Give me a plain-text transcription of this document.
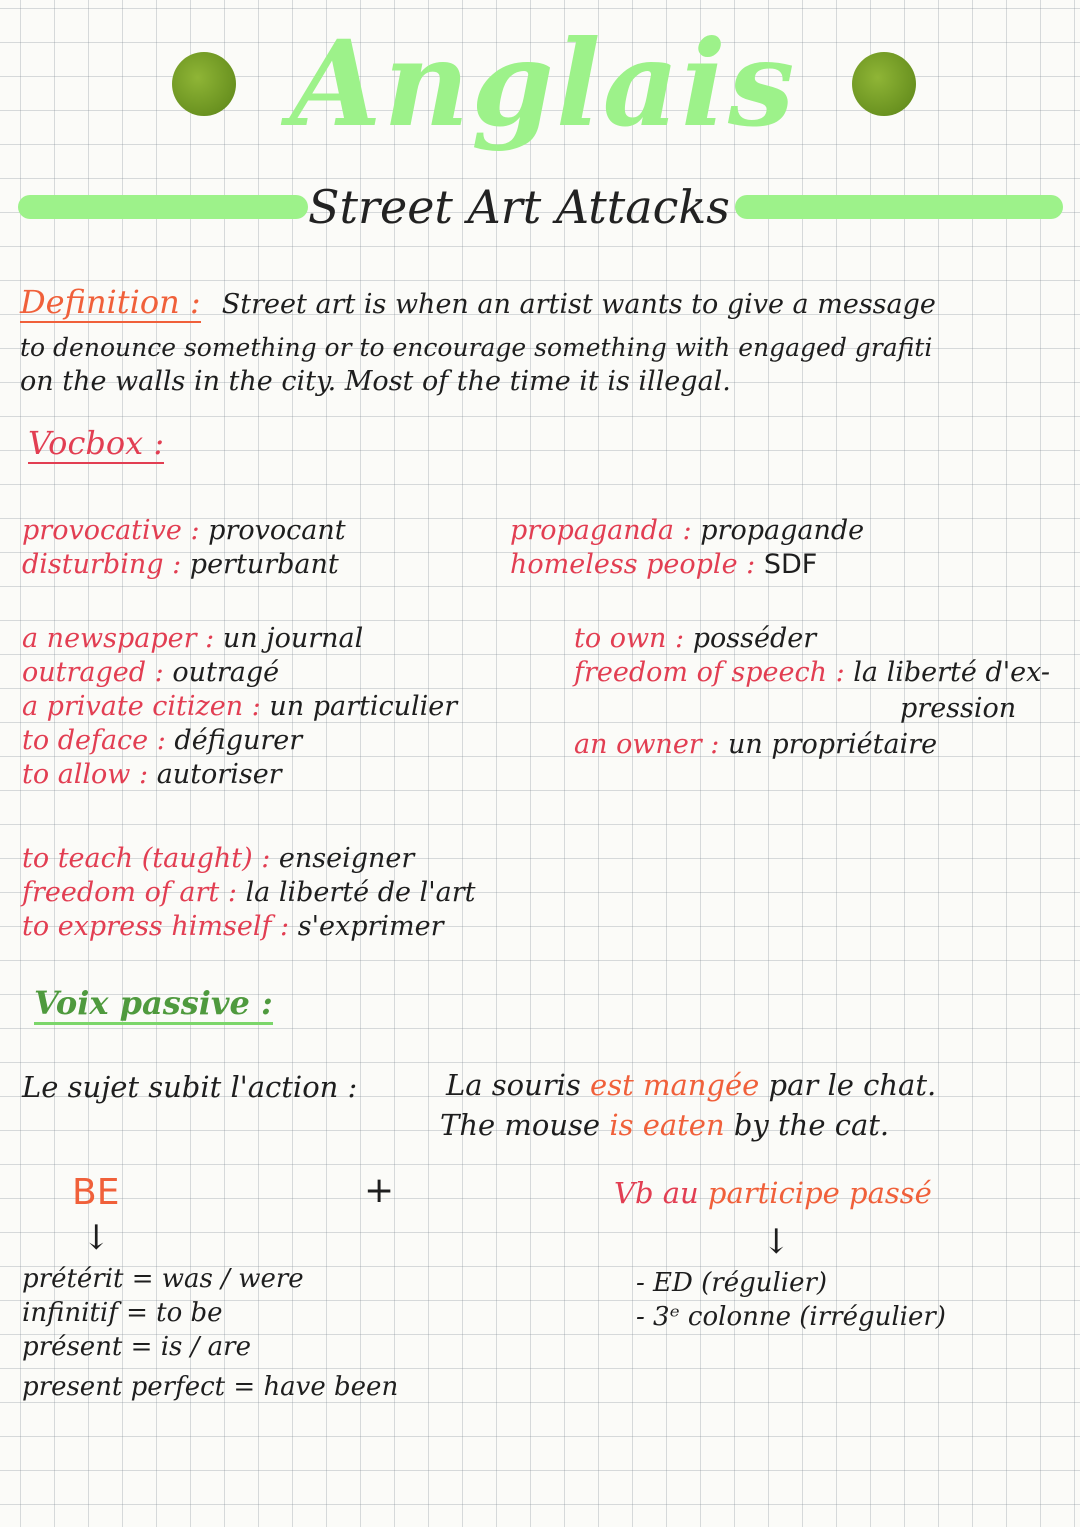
Anglais
Street Art Attacks
Definition : Street art is when an artist wants to give a message
to denounce something or to encourage something with engaged grafiti
on the walls in the city. Most of the time it is illegal.
Vocbox :
provocative : provocant
disturbing : perturbant
propaganda : propagande
homeless people : SDF
a newspaper : un journal
outraged : outragé
a private citizen : un particulier
to deface : défigurer
to allow : autoriser
to own : posséder
freedom of speech : la liberté d'ex-
pression
an owner : un propriétaire
to teach (taught) : enseigner
freedom of art : la liberté de l'art
to express himself : s'exprimer
Voix passive :
Le sujet subit l'action :	La souris est mangée par le chat.
The mouse is eaten by the cat.
BE
↓
+
prétérit = was / were
infinitif = to be
présent = is / are
present perfect = have been
Vb au participe passé
↓
- ED (régulier)
- 3ᵉ colonne (irrégulier)
